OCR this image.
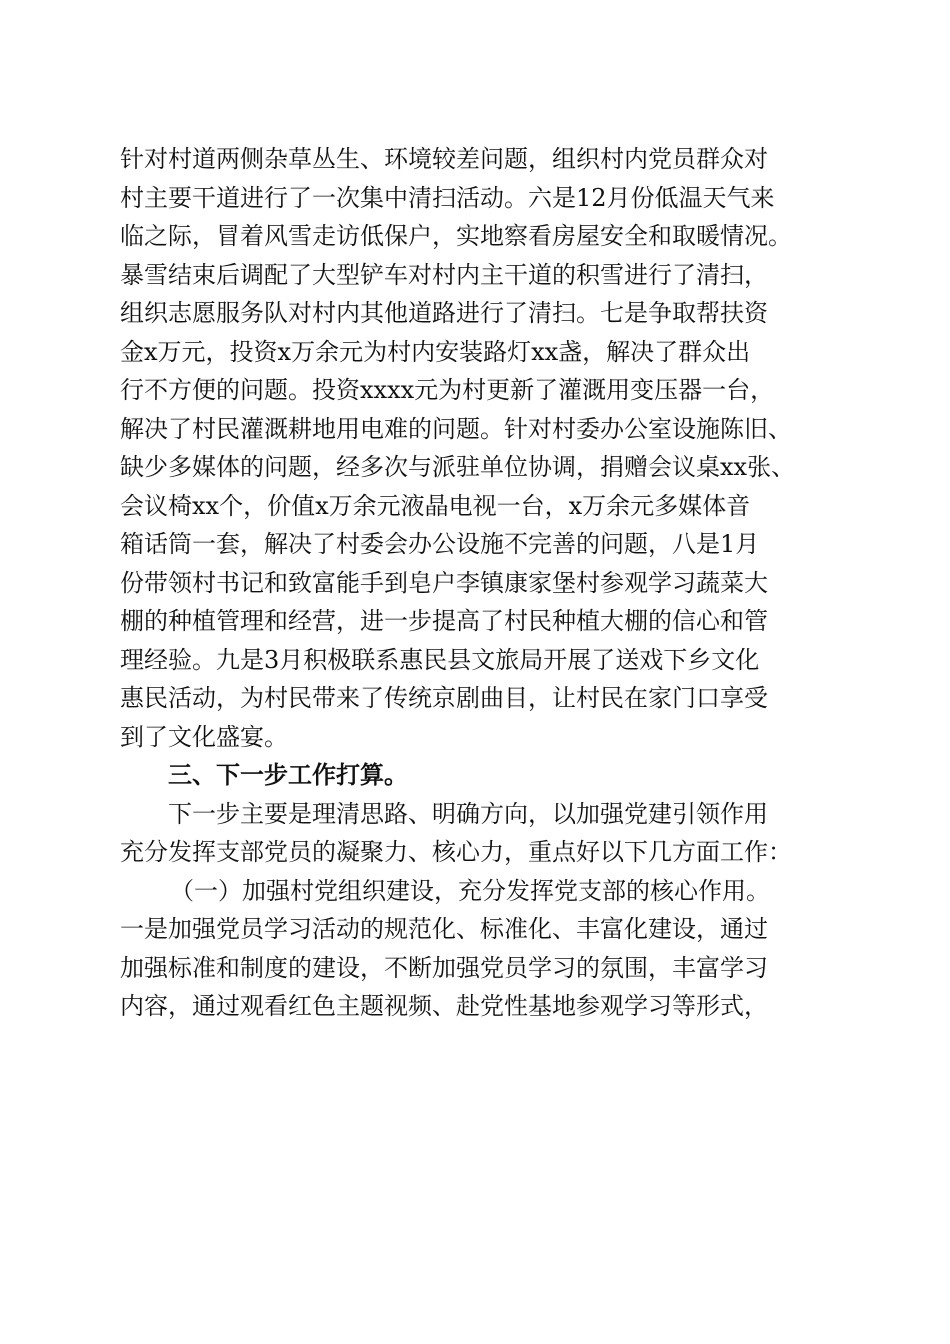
针对村道两侧杂草丛生、环境较差问题，组织村内党员群众对
村主要干道进行了一次集中清扫活动。六是12月份低温天气来
临之际，冒着风雪走访低保户，实地察看房屋安全和取暖情况。
暴雪结束后调配了大型铲车对村内主干道的积雪进行了清扫，
组织志愿服务队对村内其他道路进行了清扫。七是争取帮扶资
金x万元，投资x万余元为村内安装路灯xx盏，解决了群众出
行不方便的问题。投资xxxx元为村更新了灌溉用变压器一台，
解决了村民灌溉耕地用电难的问题。针对村委办公室设施陈旧、
缺少多媒体的问题，经多次与派驻单位协调，捐赠会议桌xx张、
会议椅xx个，价值x万余元液晶电视一台，x万余元多媒体音
箱话筒一套，解决了村委会办公设施不完善的问题，八是1月
份带领村书记和致富能手到皂户李镇康家堡村参观学习蔬菜大
棚的种植管理和经营，进一步提高了村民种植大棚的信心和管
理经验。九是3月积极联系惠民县文旅局开展了送戏下乡文化
惠民活动，为村民带来了传统京剧曲目，让村民在家门口享受
到了文化盛宴。
三、下一步工作打算。
下一步主要是理清思路、明确方向，以加强党建引领作用
充分发挥支部党员的凝聚力、核心力，重点好以下几方面工作：
（一）加强村党组织建设，充分发挥党支部的核心作用。
一是加强党员学习活动的规范化、标准化、丰富化建设，通过
加强标准和制度的建设，不断加强党员学习的氛围，丰富学习
内容，通过观看红色主题视频、赴党性基地参观学习等形式，
